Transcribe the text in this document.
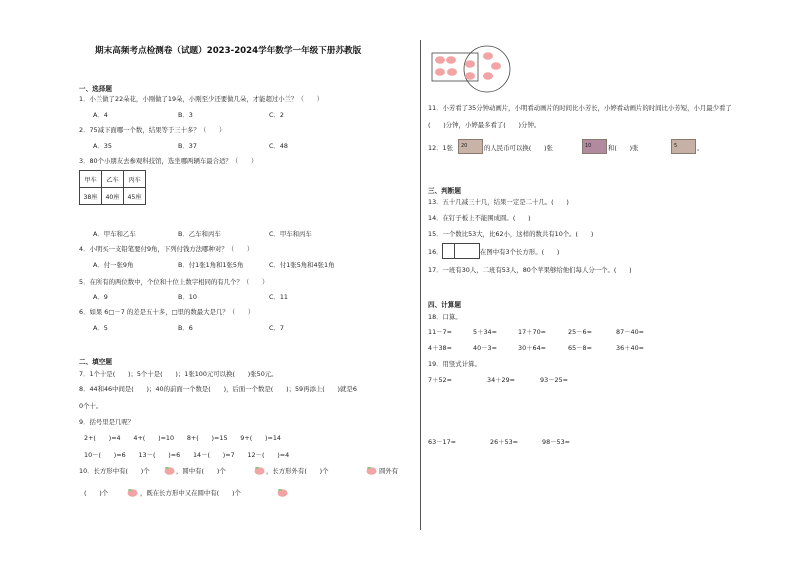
期末高频考点检测卷（试题）2023-2024学年数学一年级下册苏教版
一、选择题
1．小兰做了22朵花，小刚做了19朵，小刚至少还要做几朵，才能超过小兰？（　　）
A．4	B．3	C．2
2．75减下面哪一个数，结果等于三十多？（　　）
A．35	B．37	C．48
3．80个小朋友去参观科技馆，选坐哪两辆车最合适？（　　）
甲车	乙车	丙车
38座	40座	45座
A．甲车和乙车	B．乙车和丙车	C．甲车和丙车
4．小明买一支铅笔要付9角，下列付钱方法哪种对？（　　）
A．付一张9角	B．付1张1角和1张5角	C．付1张5角和4张1角
5．在所有的两位数中，个位和十位上数字相同的有几个？（　　）
A．9	B．10	C．11
6．如果 6□－7 的差是五十多，□里的数最大是几？（　　）
A．5	B．6	C．7
二、填空题
7．1个十是(　　)；5个十是(　　)；1张100元可以换(　　)张50元。
8．44和46中间是(　　)；40的前面一个数是(　　)，后面一个数是(　　)；59再添上(　　)就是6
0个十。
9．括号里是几呢？
2+(　　)=4　　4+(　　)=10　　8+(　　)=15　　9+(　　)=14
10－(　　)=6　　13－(　　)=6　　14－(　　)=7　　12－(　　)=4
10．长方形中有(　　)个	，圆中有(　　)个	，长方形外有(　　)个	圆外有
(　　)个	，既在长方形中又在圆中有(　　)个
11．小芳看了35分钟动画片，小明看动画片的时间比小芳长，小婷看动画片的时间比小芳短，小月最少看了
(　　)分钟，小婷最多看了(　　)分钟。
12．1张 20	的人民币可以换(　　)张	10	和(　　)张	5	。
三、判断题
13．五十几减三十几，结果一定是二十几。(　　)
14．在钉子板上不能围成圆。(　　)
15．一个数比53大，比62小，这样的数共有10个。(　　)
16．	在图中有3个长方形。(　　)
17．一班有30人，二班有53人，80个苹果够给他们每人分一个。(　　)
四、计算题
18．口算。
11－7=	5＋34=	17＋70=	25－6=	87－40=
4＋38=	40－3=	30＋64=	65－8=	36＋40=
19．用竖式计算。
7＋52=	34＋29=	93－25=
63－17=	26＋53=	98－53=
